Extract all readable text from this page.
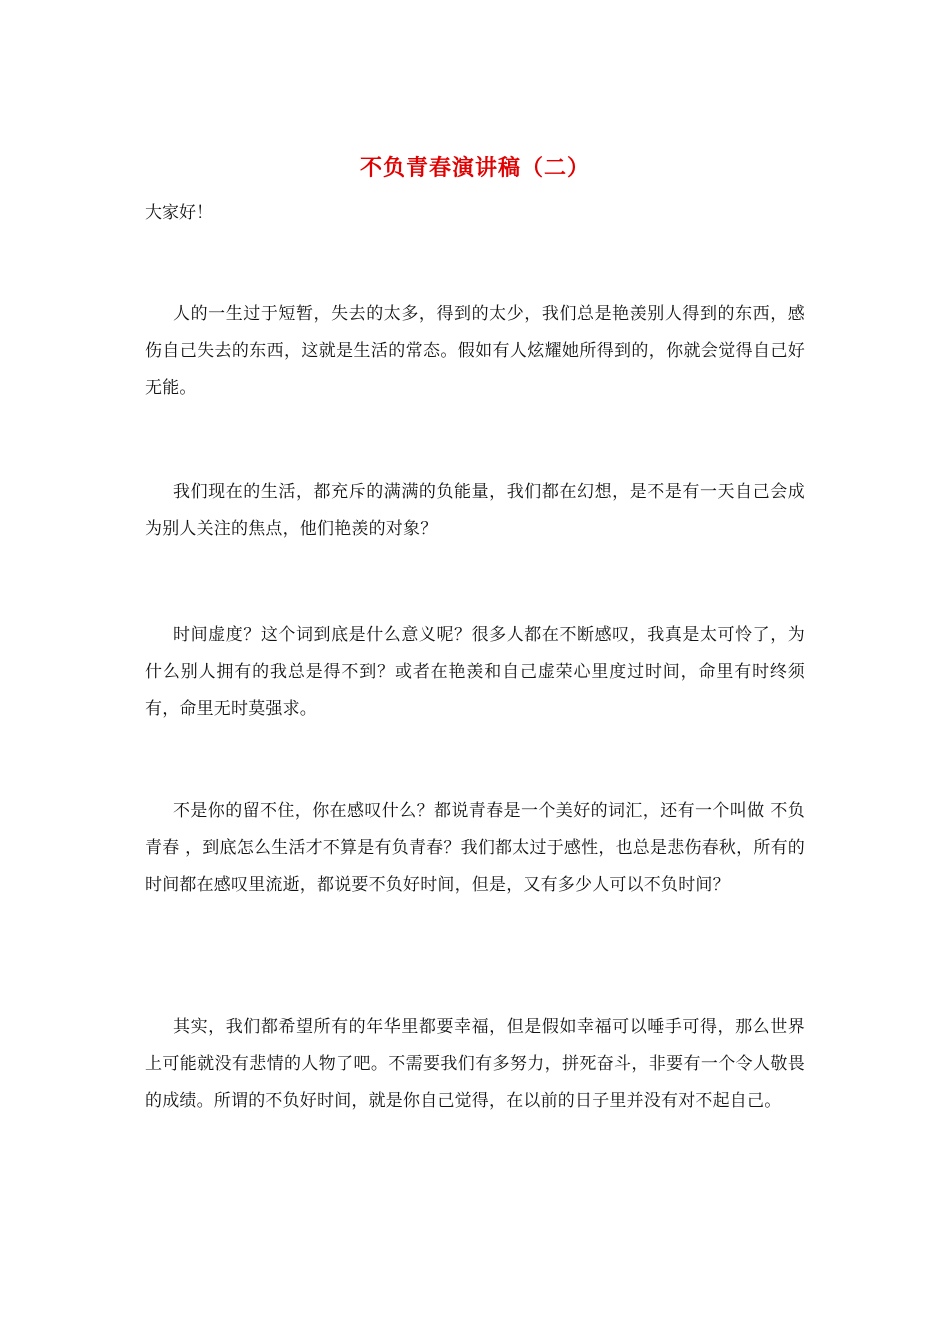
不负青春演讲稿（二）

大家好！

人的一生过于短暂，失去的太多，得到的太少，我们总是艳羡别人得到的东西，感伤自己失去的东西，这就是生活的常态。假如有人炫耀她所得到的，你就会觉得自己好无能。

我们现在的生活，都充斥的满满的负能量，我们都在幻想，是不是有一天自己会成为别人关注的焦点，他们艳羡的对象？

时间虚度？这个词到底是什么意义呢？很多人都在不断感叹，我真是太可怜了，为什么别人拥有的我总是得不到？或者在艳羡和自己虚荣心里度过时间，命里有时终须有，命里无时莫强求。

不是你的留不住，你在感叹什么？都说青春是一个美好的词汇，还有一个叫做 不负青春 ，到底怎么生活才不算是有负青春？我们都太过于感性，也总是悲伤春秋，所有的时间都在感叹里流逝，都说要不负好时间，但是，又有多少人可以不负时间？

其实，我们都希望所有的年华里都要幸福，但是假如幸福可以唾手可得，那么世界上可能就没有悲情的人物了吧。不需要我们有多努力，拼死奋斗，非要有一个令人敬畏的成绩。所谓的不负好时间，就是你自己觉得，在以前的日子里并没有对不起自己。
